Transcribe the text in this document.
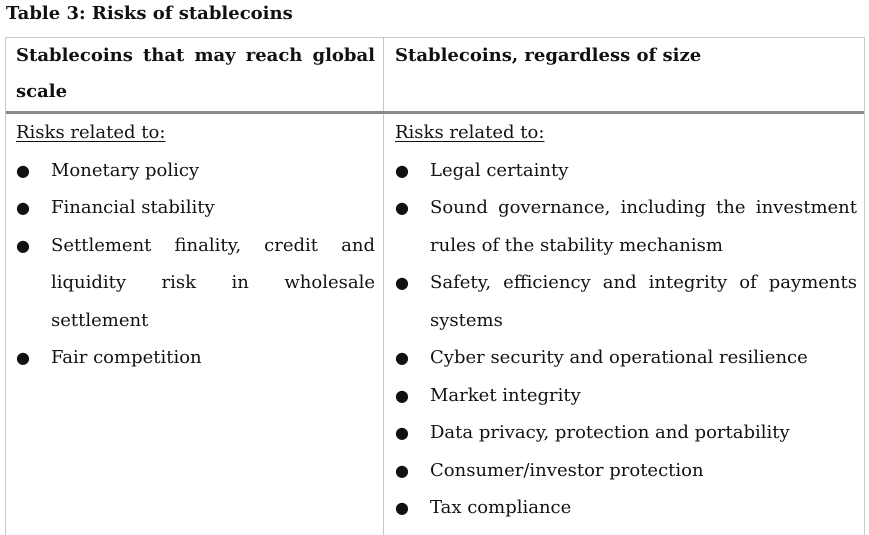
Table 3: Risks of stablecoins
Stablecoins that may reach global scale
Stablecoins, regardless of size
Risks related to:
● Monetary policy
● Financial stability
● Settlement finality, credit and liquidity risk in wholesale settlement
● Fair competition
Risks related to:
● Legal certainty
● Sound governance, including the investment rules of the stability mechanism
● Safety, efficiency and integrity of payments systems
● Cyber security and operational resilience
● Market integrity
● Data privacy, protection and portability
● Consumer/investor protection
● Tax compliance
